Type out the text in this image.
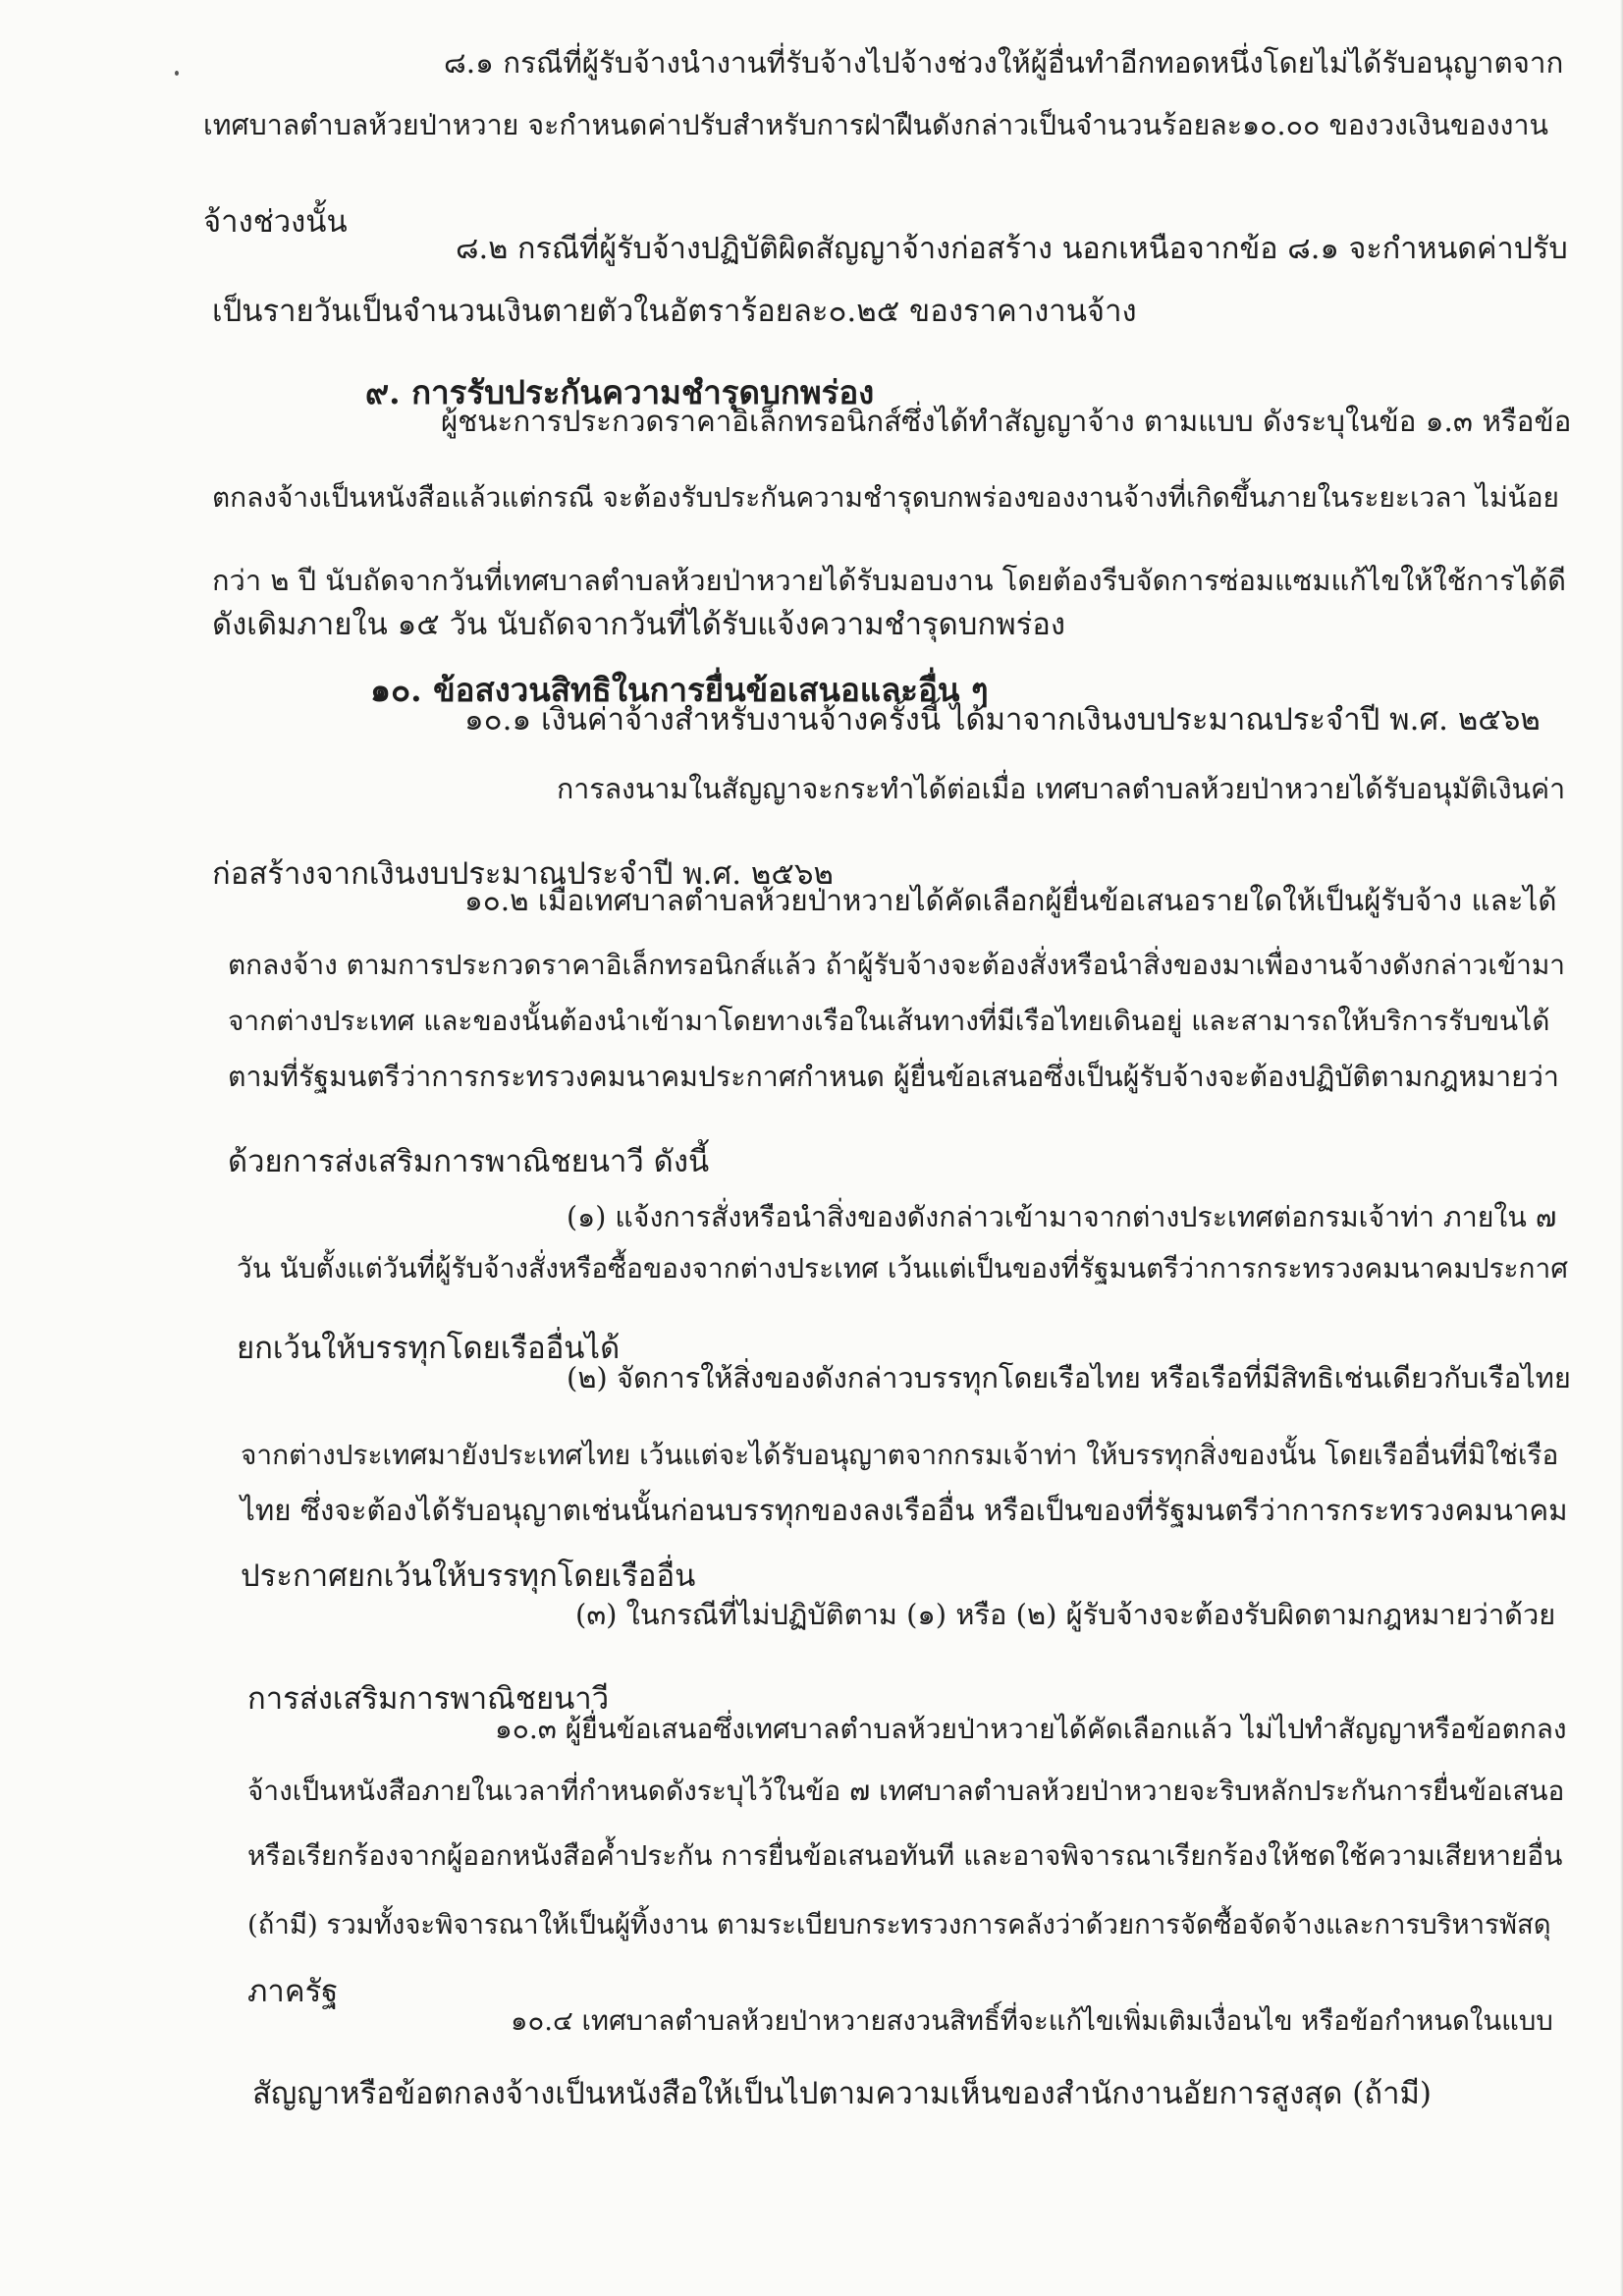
๘.๑ กรณีที่ผู้รับจ้างนำงานที่รับจ้างไปจ้างช่วงให้ผู้อื่นทำอีกทอดหนึ่งโดยไม่ได้รับอนุญาตจาก
เทศบาลตำบลห้วยป่าหวาย จะกำหนดค่าปรับสำหรับการฝ่าฝืนดังกล่าวเป็นจำนวนร้อยละ๑๐.๐๐ ของวงเงินของงาน
จ้างช่วงนั้น
๘.๒ กรณีที่ผู้รับจ้างปฏิบัติผิดสัญญาจ้างก่อสร้าง นอกเหนือจากข้อ ๘.๑ จะกำหนดค่าปรับ
เป็นรายวันเป็นจำนวนเงินตายตัวในอัตราร้อยละ๐.๒๕ ของราคางานจ้าง
๙. การรับประกันความชำรุดบกพร่อง
ผู้ชนะการประกวดราคาอิเล็กทรอนิกส์ซึ่งได้ทำสัญญาจ้าง ตามแบบ ดังระบุในข้อ ๑.๓ หรือข้อ
ตกลงจ้างเป็นหนังสือแล้วแต่กรณี จะต้องรับประกันความชำรุดบกพร่องของงานจ้างที่เกิดขึ้นภายในระยะเวลา ไม่น้อย
กว่า ๒ ปี นับถัดจากวันที่เทศบาลตำบลห้วยป่าหวายได้รับมอบงาน โดยต้องรีบจัดการซ่อมแซมแก้ไขให้ใช้การได้ดี
ดังเดิมภายใน ๑๕ วัน นับถัดจากวันที่ได้รับแจ้งความชำรุดบกพร่อง
๑๐. ข้อสงวนสิทธิในการยื่นข้อเสนอและอื่น ๆ
๑๐.๑ เงินค่าจ้างสำหรับงานจ้างครั้งนี้ ได้มาจากเงินงบประมาณประจำปี พ.ศ. ๒๕๖๒
การลงนามในสัญญาจะกระทำได้ต่อเมื่อ เทศบาลตำบลห้วยป่าหวายได้รับอนุมัติเงินค่า
ก่อสร้างจากเงินงบประมาณประจำปี พ.ศ. ๒๕๖๒
๑๐.๒ เมื่อเทศบาลตำบลห้วยป่าหวายได้คัดเลือกผู้ยื่นข้อเสนอรายใดให้เป็นผู้รับจ้าง และได้
ตกลงจ้าง ตามการประกวดราคาอิเล็กทรอนิกส์แล้ว ถ้าผู้รับจ้างจะต้องสั่งหรือนำสิ่งของมาเพื่องานจ้างดังกล่าวเข้ามา
จากต่างประเทศ และของนั้นต้องนำเข้ามาโดยทางเรือในเส้นทางที่มีเรือไทยเดินอยู่ และสามารถให้บริการรับขนได้
ตามที่รัฐมนตรีว่าการกระทรวงคมนาคมประกาศกำหนด ผู้ยื่นข้อเสนอซึ่งเป็นผู้รับจ้างจะต้องปฏิบัติตามกฎหมายว่า
ด้วยการส่งเสริมการพาณิชยนาวี ดังนี้
(๑) แจ้งการสั่งหรือนำสิ่งของดังกล่าวเข้ามาจากต่างประเทศต่อกรมเจ้าท่า ภายใน ๗
วัน นับตั้งแต่วันที่ผู้รับจ้างสั่งหรือซื้อของจากต่างประเทศ เว้นแต่เป็นของที่รัฐมนตรีว่าการกระทรวงคมนาคมประกาศ
ยกเว้นให้บรรทุกโดยเรืออื่นได้
(๒) จัดการให้สิ่งของดังกล่าวบรรทุกโดยเรือไทย หรือเรือที่มีสิทธิเช่นเดียวกับเรือไทย
จากต่างประเทศมายังประเทศไทย เว้นแต่จะได้รับอนุญาตจากกรมเจ้าท่า ให้บรรทุกสิ่งของนั้น โดยเรืออื่นที่มิใช่เรือ
ไทย ซึ่งจะต้องได้รับอนุญาตเช่นนั้นก่อนบรรทุกของลงเรืออื่น หรือเป็นของที่รัฐมนตรีว่าการกระทรวงคมนาคม
ประกาศยกเว้นให้บรรทุกโดยเรืออื่น
(๓) ในกรณีที่ไม่ปฏิบัติตาม (๑) หรือ (๒) ผู้รับจ้างจะต้องรับผิดตามกฎหมายว่าด้วย
การส่งเสริมการพาณิชยนาวี
๑๐.๓ ผู้ยื่นข้อเสนอซึ่งเทศบาลตำบลห้วยป่าหวายได้คัดเลือกแล้ว ไม่ไปทำสัญญาหรือข้อตกลง
จ้างเป็นหนังสือภายในเวลาที่กำหนดดังระบุไว้ในข้อ ๗ เทศบาลตำบลห้วยป่าหวายจะริบหลักประกันการยื่นข้อเสนอ
หรือเรียกร้องจากผู้ออกหนังสือค้ำประกัน การยื่นข้อเสนอทันที และอาจพิจารณาเรียกร้องให้ชดใช้ความเสียหายอื่น
(ถ้ามี) รวมทั้งจะพิจารณาให้เป็นผู้ทิ้งงาน ตามระเบียบกระทรวงการคลังว่าด้วยการจัดซื้อจัดจ้างและการบริหารพัสดุ
ภาครัฐ
๑๐.๔ เทศบาลตำบลห้วยป่าหวายสงวนสิทธิ์ที่จะแก้ไขเพิ่มเติมเงื่อนไข หรือข้อกำหนดในแบบ
สัญญาหรือข้อตกลงจ้างเป็นหนังสือให้เป็นไปตามความเห็นของสำนักงานอัยการสูงสุด (ถ้ามี)
